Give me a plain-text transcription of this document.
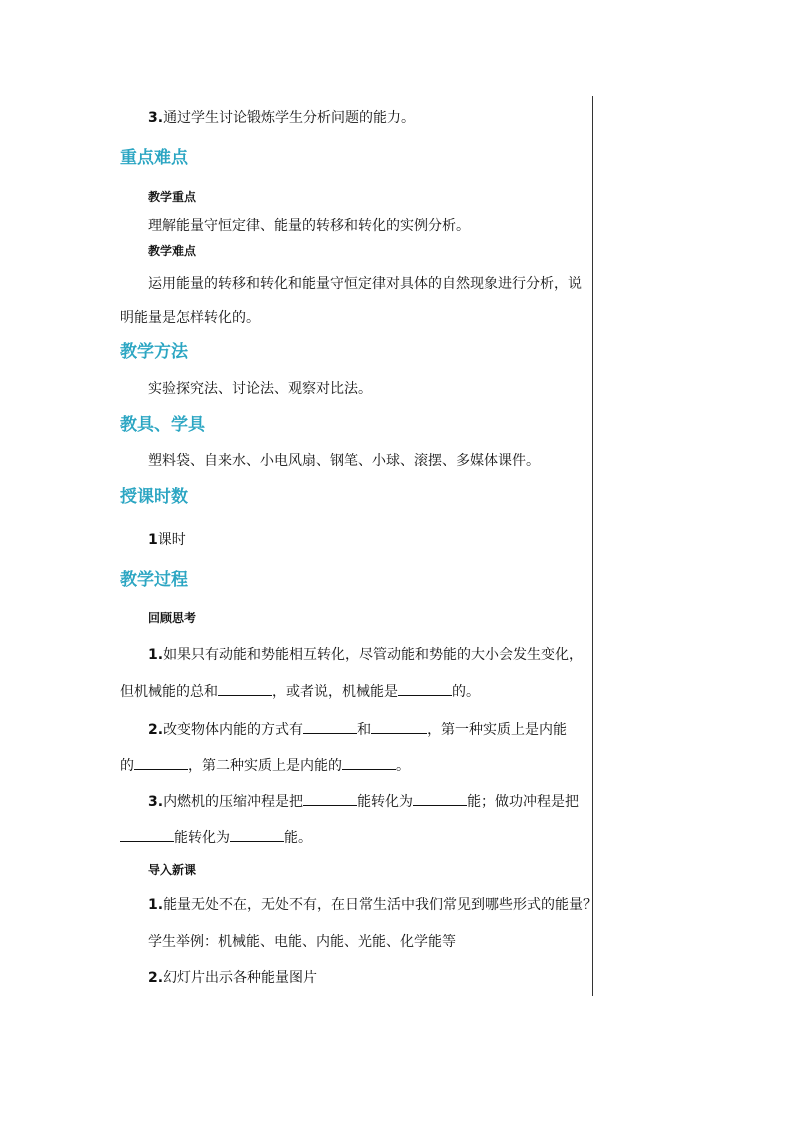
3.通过学生讨论锻炼学生分析问题的能力。
重点难点
教学重点
理解能量守恒定律、能量的转移和转化的实例分析。
教学难点
运用能量的转移和转化和能量守恒定律对具体的自然现象进行分析，说
明能量是怎样转化的。
教学方法
实验探究法、讨论法、观察对比法。
教具、学具
塑料袋、自来水、小电风扇、钢笔、小球、滚摆、多媒体课件。
授课时数
1课时
教学过程
回顾思考
1.如果只有动能和势能相互转化，尽管动能和势能的大小会发生变化，
但机械能的总和	，或者说，机械能是	的。
2.改变物体内能的方式有	和	，第一种实质上是内能
的	，第二种实质上是内能的	。
3.内燃机的压缩冲程是把	能转化为	能；做功冲程是把
能转化为	能。
导入新课
1.能量无处不在，无处不有，在日常生活中我们常见到哪些形式的能量？
学生举例：机械能、电能、内能、光能、化学能等
2.幻灯片出示各种能量图片
